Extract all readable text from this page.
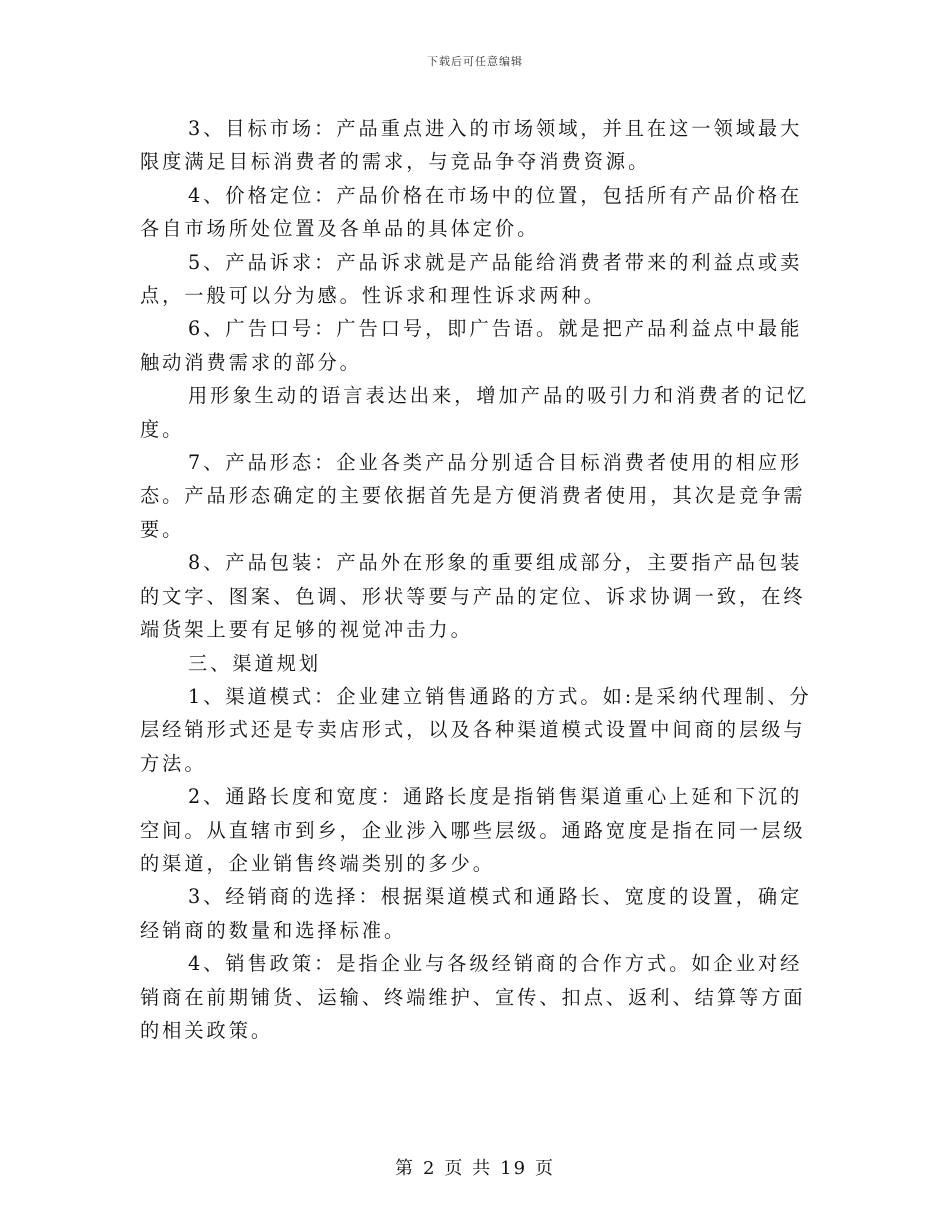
下载后可任意编辑

3、目标市场：产品重点进入的市场领域，并且在这一领域最大限度满足目标消费者的需求，与竞品争夺消费资源。

4、价格定位：产品价格在市场中的位置，包括所有产品价格在各自市场所处位置及各单品的具体定价。

5、产品诉求：产品诉求就是产品能给消费者带来的利益点或卖点，一般可以分为感。性诉求和理性诉求两种。

6、广告口号：广告口号，即广告语。就是把产品利益点中最能触动消费需求的部分。

用形象生动的语言表达出来，增加产品的吸引力和消费者的记忆度。

7、产品形态：企业各类产品分别适合目标消费者使用的相应形态。产品形态确定的主要依据首先是方便消费者使用，其次是竞争需要。

8、产品包装：产品外在形象的重要组成部分，主要指产品包装的文字、图案、色调、形状等要与产品的定位、诉求协调一致，在终端货架上要有足够的视觉冲击力。

三、渠道规划

1、渠道模式：企业建立销售通路的方式。如:是采纳代理制、分层经销形式还是专卖店形式，以及各种渠道模式设置中间商的层级与方法。

2、通路长度和宽度：通路长度是指销售渠道重心上延和下沉的空间。从直辖市到乡，企业涉入哪些层级。通路宽度是指在同一层级的渠道，企业销售终端类别的多少。

3、经销商的选择：根据渠道模式和通路长、宽度的设置，确定经销商的数量和选择标准。

4、销售政策：是指企业与各级经销商的合作方式。如企业对经销商在前期铺货、运输、终端维护、宣传、扣点、返利、结算等方面的相关政策。

第 2 页 共 19 页
